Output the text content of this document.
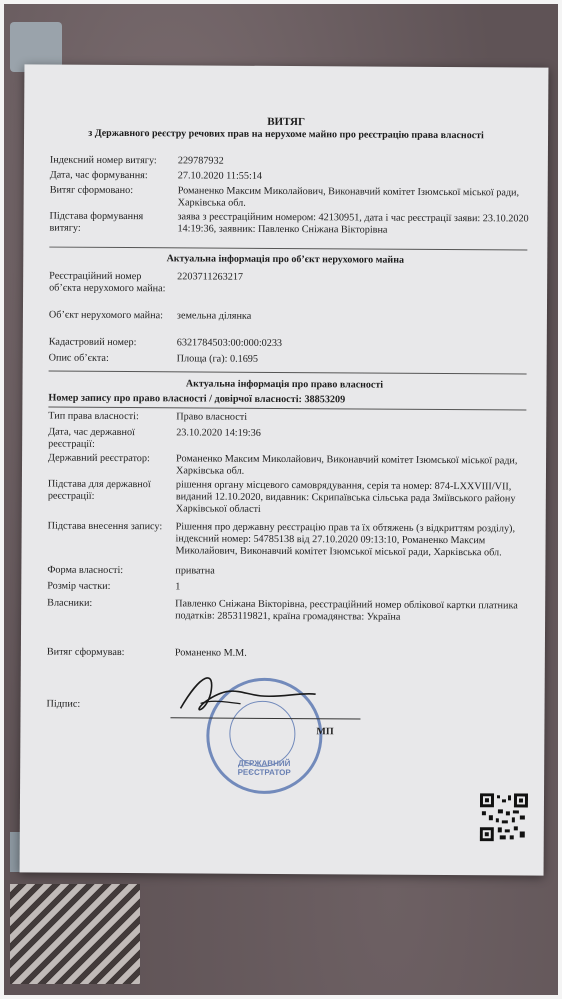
ВИТЯГ
з Державного реєстру речових прав на нерухоме майно про реєстрацію права власності
Індексний номер витягу:	229787932
Дата, час формування:	27.10.2020 11:55:14
Витяг сформовано:	Романенко Максим Миколайович, Виконавчий комітет Ізюмської міської ради, Харківська обл.
Підстава формування витягу:
заява з реєстраційним номером: 42130951, дата і час реєстрації заяви: 23.10.2020 14:19:36, заявник: Павленко Сніжана Вікторівна
Актуальна інформація про об’єкт нерухомого майна
Реєстраційний номер об’єкта нерухомого майна:
2203711263217
Об’єкт нерухомого майна:	земельна ділянка
Кадастровий номер:	6321784503:00:000:0233
Опис об’єкта:	Площа (га): 0.1695
Актуальна інформація про право власності
Номер запису про право власності / довірчої власності: 38853209
Тип права власності:	Право власності
Дата, час державної реєстрації:
23.10.2020 14:19:36
Державний реєстратор:	Романенко Максим Миколайович, Виконавчий комітет Ізюмської міської ради, Харківська обл.
Підстава для державної реєстрації:
рішення органу місцевого самоврядування, серія та номер: 874-LXXVIII/VII, виданий 12.10.2020, видавник: Скрипаївська сільська рада Зміївського району Харківської області
Підстава внесення запису:	Рішення про державну реєстрацію прав та їх обтяжень (з відкриттям розділу), індексний номер: 54785138 від 27.10.2020 09:13:10, Романенко Максим Миколайович, Виконавчий комітет Ізюмської міської ради, Харківська обл.
Форма власності:	приватна
Розмір частки:	1
Власники:	Павленко Сніжана Вікторівна, реєстраційний номер облікової картки платника податків: 2853119821, країна громадянства: Україна
Витяг сформував:	Романенко М.М.
Підпис:
ДЕРЖАВНИЙ РЕЄСТРАТОР
МП
